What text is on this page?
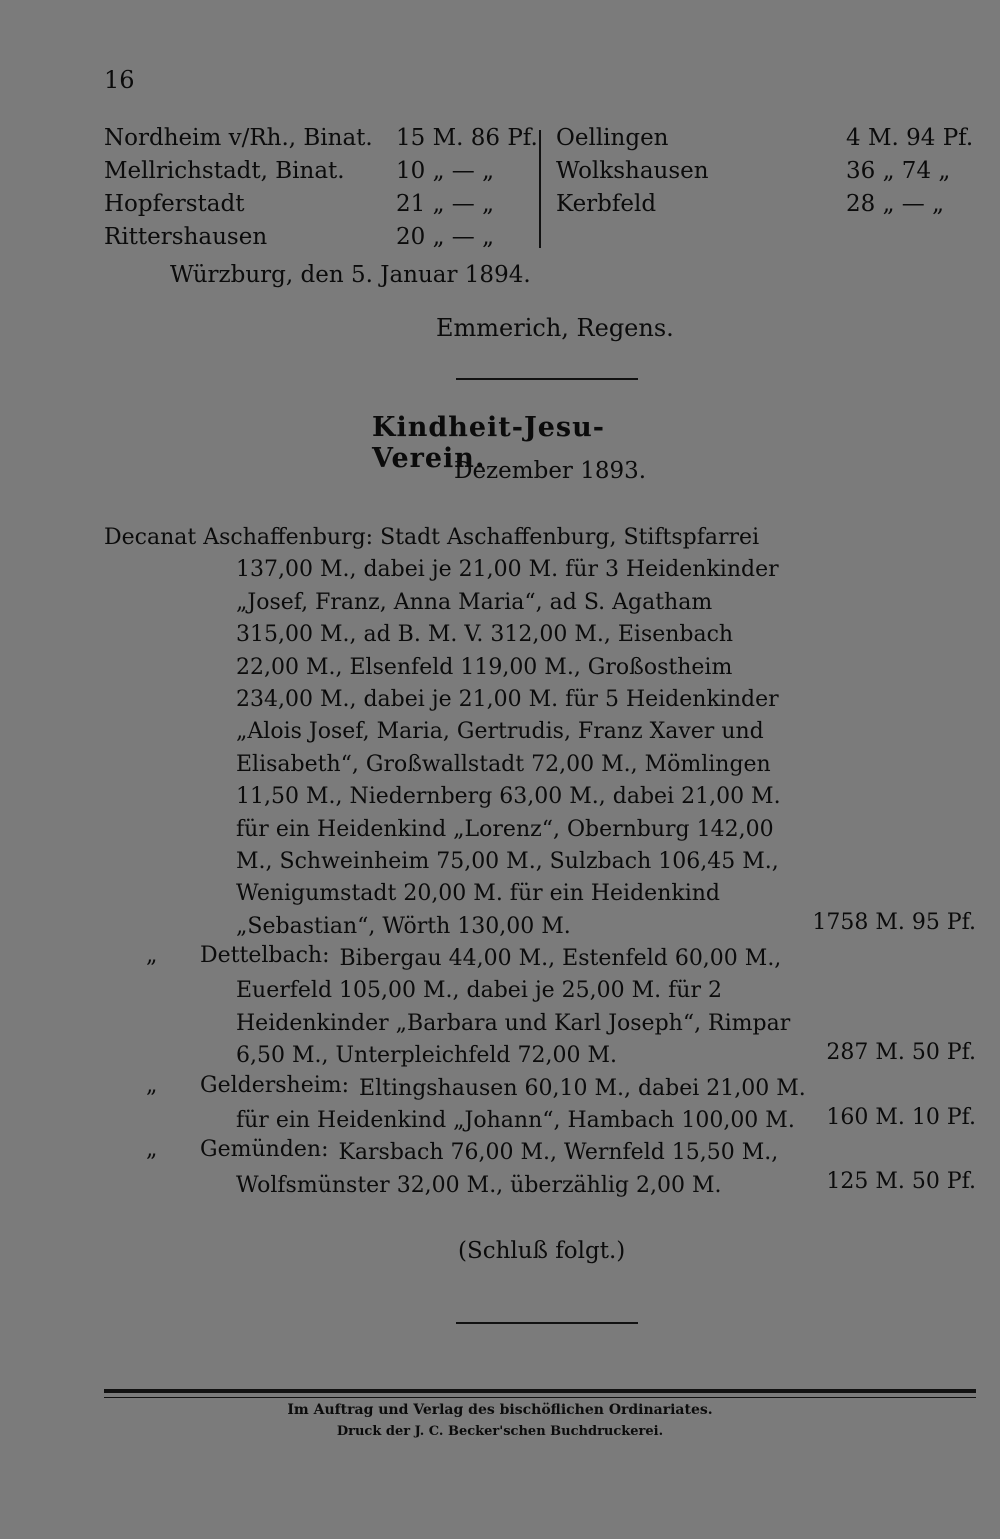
16
Nordheim v/Rh., Binat.	15 M. 86 Pf.
Mellrichstadt, Binat.	10 „ — „
Hopferstadt	21 „ — „
Rittershausen	20 „ — „
Oellingen	4 M. 94 Pf.
Wolkshausen	36 „ 74 „
Kerbfeld	28 „ — „
Würzburg, den 5. Januar 1894.
Emmerich, Regens.
Kindheit-Jesu-Verein.
Dezember 1893.
Decanat Aschaffenburg: Stadt Aschaffenburg, Stiftspfarrei
137,00 M., dabei je 21,00 M. für 3 Heidenkinder
„Josef, Franz, Anna Maria“, ad S. Agatham
315,00 M., ad B. M. V. 312,00 M., Eisenbach
22,00 M., Elsenfeld 119,00 M., Großostheim
234,00 M., dabei je 21,00 M. für 5 Heidenkinder
„Alois Josef, Maria, Gertrudis, Franz Xaver und
Elisabeth“, Großwallstadt 72,00 M., Mömlingen
11,50 M., Niedernberg 63,00 M., dabei 21,00 M.
für ein Heidenkind „Lorenz“, Obernburg 142,00
M., Schweinheim 75,00 M., Sulzbach 106,45 M.,
Wenigumstadt 20,00 M. für ein Heidenkind
„Sebastian“, Wörth 130,00 M.	1758 M. 95 Pf.
„	Dettelbach: Bibergau 44,00 M., Estenfeld 60,00 M.,
Euerfeld 105,00 M., dabei je 25,00 M. für 2
Heidenkinder „Barbara und Karl Joseph“, Rimpar
6,50 M., Unterpleichfeld 72,00 M.	287 M. 50 Pf.
„	Geldersheim: Eltingshausen 60,10 M., dabei 21,00 M.
für ein Heidenkind „Johann“, Hambach 100,00 M. 160 M. 10 Pf.
„	Gemünden: Karsbach 76,00 M., Wernfeld 15,50 M.,
Wolfsmünster 32,00 M., überzählig 2,00 M.	125 M. 50 Pf.
(Schluß folgt.)
Im Auftrag und Verlag des bischöflichen Ordinariates.
Druck der J. C. Becker'schen Buchdruckerei.
